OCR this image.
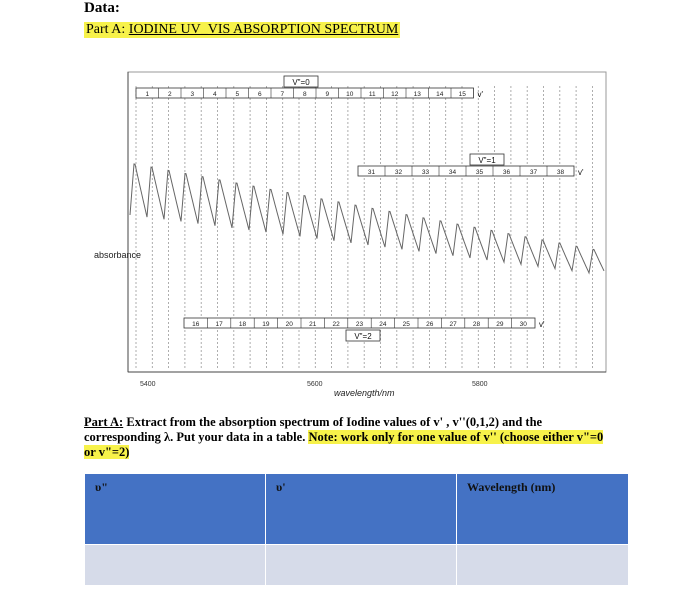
Data:
Part A: IODINE UV_VIS ABSORPTION SPECTRUM
1	2	3	4	5	6	7	8	9	10 11 12 13 14 15
V"=0
v'
31	32	33	34	35	36	37	38
V"=1
v'
16 17 18 19 20 21 22 23 24 25 26 27 28 29 30
V"=2
v'
absorbance
5400	5600	5800
wavelength/nm
Part A: Extract from the absorption spectrum of Iodine values of v' , v''(0,1,2) and the corresponding λ. Put your data in a table. Note: work only for one value of v'' (choose either v"=0 or v"=2)
υ"	υ'	Wavelength (nm)
